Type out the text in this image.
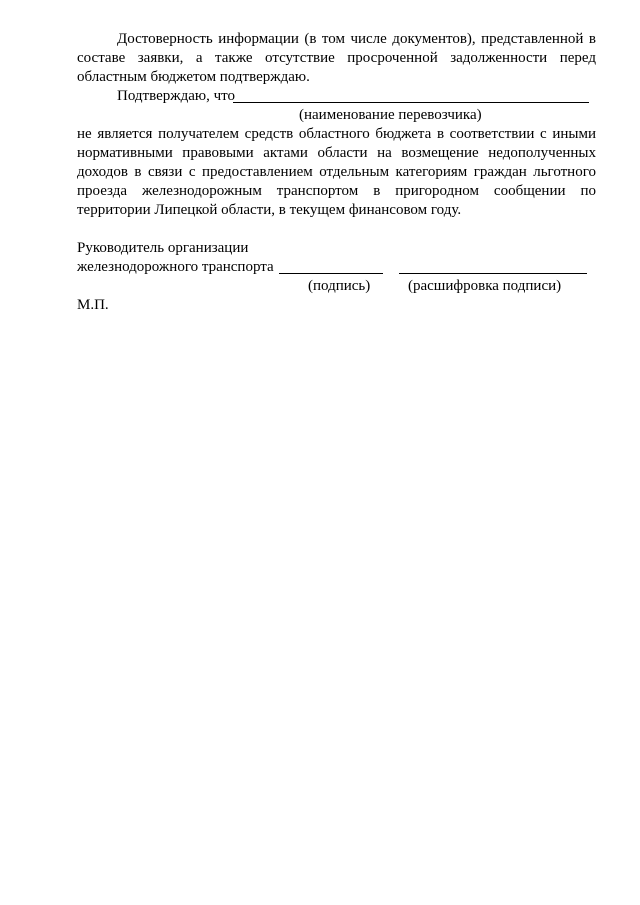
Достоверность информации (в том числе документов), представленной в составе заявки, а также отсутствие просроченной задолженности перед областным бюджетом подтверждаю.

Подтверждаю, что
(наименование перевозчика)

не является получателем средств областного бюджета в соответствии с иными нормативными правовыми актами области на возмещение недополученных доходов в связи с предоставлением отдельным категориям граждан льготного проезда железнодорожным транспортом в пригородном сообщении по территории Липецкой области, в текущем финансовом году.

Руководитель организации
железнодорожного транспорта
(подпись)	(расшифровка подписи)
М.П.
